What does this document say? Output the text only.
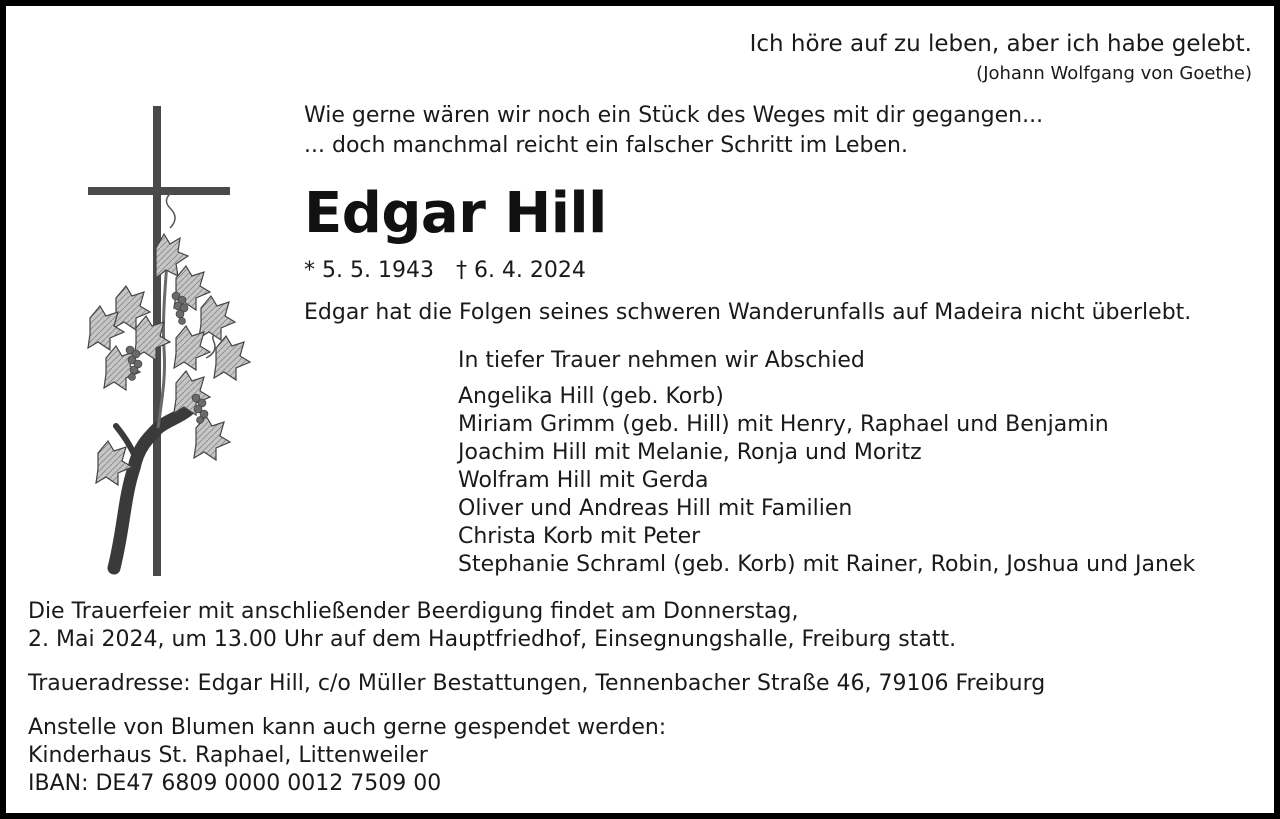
Ich höre auf zu leben, aber ich habe gelebt.
(Johann Wolfgang von Goethe)
Wie gerne wären wir noch ein Stück des Weges mit dir gegangen...
... doch manchmal reicht ein falscher Schritt im Leben.
Edgar Hill
* 5. 5. 1943 † 6. 4. 2024
Edgar hat die Folgen seines schweren Wanderunfalls auf Madeira nicht überlebt.
In tiefer Trauer nehmen wir Abschied
Angelika Hill (geb. Korb)
Miriam Grimm (geb. Hill) mit Henry, Raphael und Benjamin
Joachim Hill mit Melanie, Ronja und Moritz
Wolfram Hill mit Gerda
Oliver und Andreas Hill mit Familien
Christa Korb mit Peter
Stephanie Schraml (geb. Korb) mit Rainer, Robin, Joshua und Janek
Die Trauerfeier mit anschließender Beerdigung findet am Donnerstag,
2. Mai 2024, um 13.00 Uhr auf dem Hauptfriedhof, Einsegnungshalle, Freiburg statt.
Traueradresse: Edgar Hill, c/o Müller Bestattungen, Tennenbacher Straße 46, 79106 Freiburg
Anstelle von Blumen kann auch gerne gespendet werden:
Kinderhaus St. Raphael, Littenweiler
IBAN: DE47 6809 0000 0012 7509 00
